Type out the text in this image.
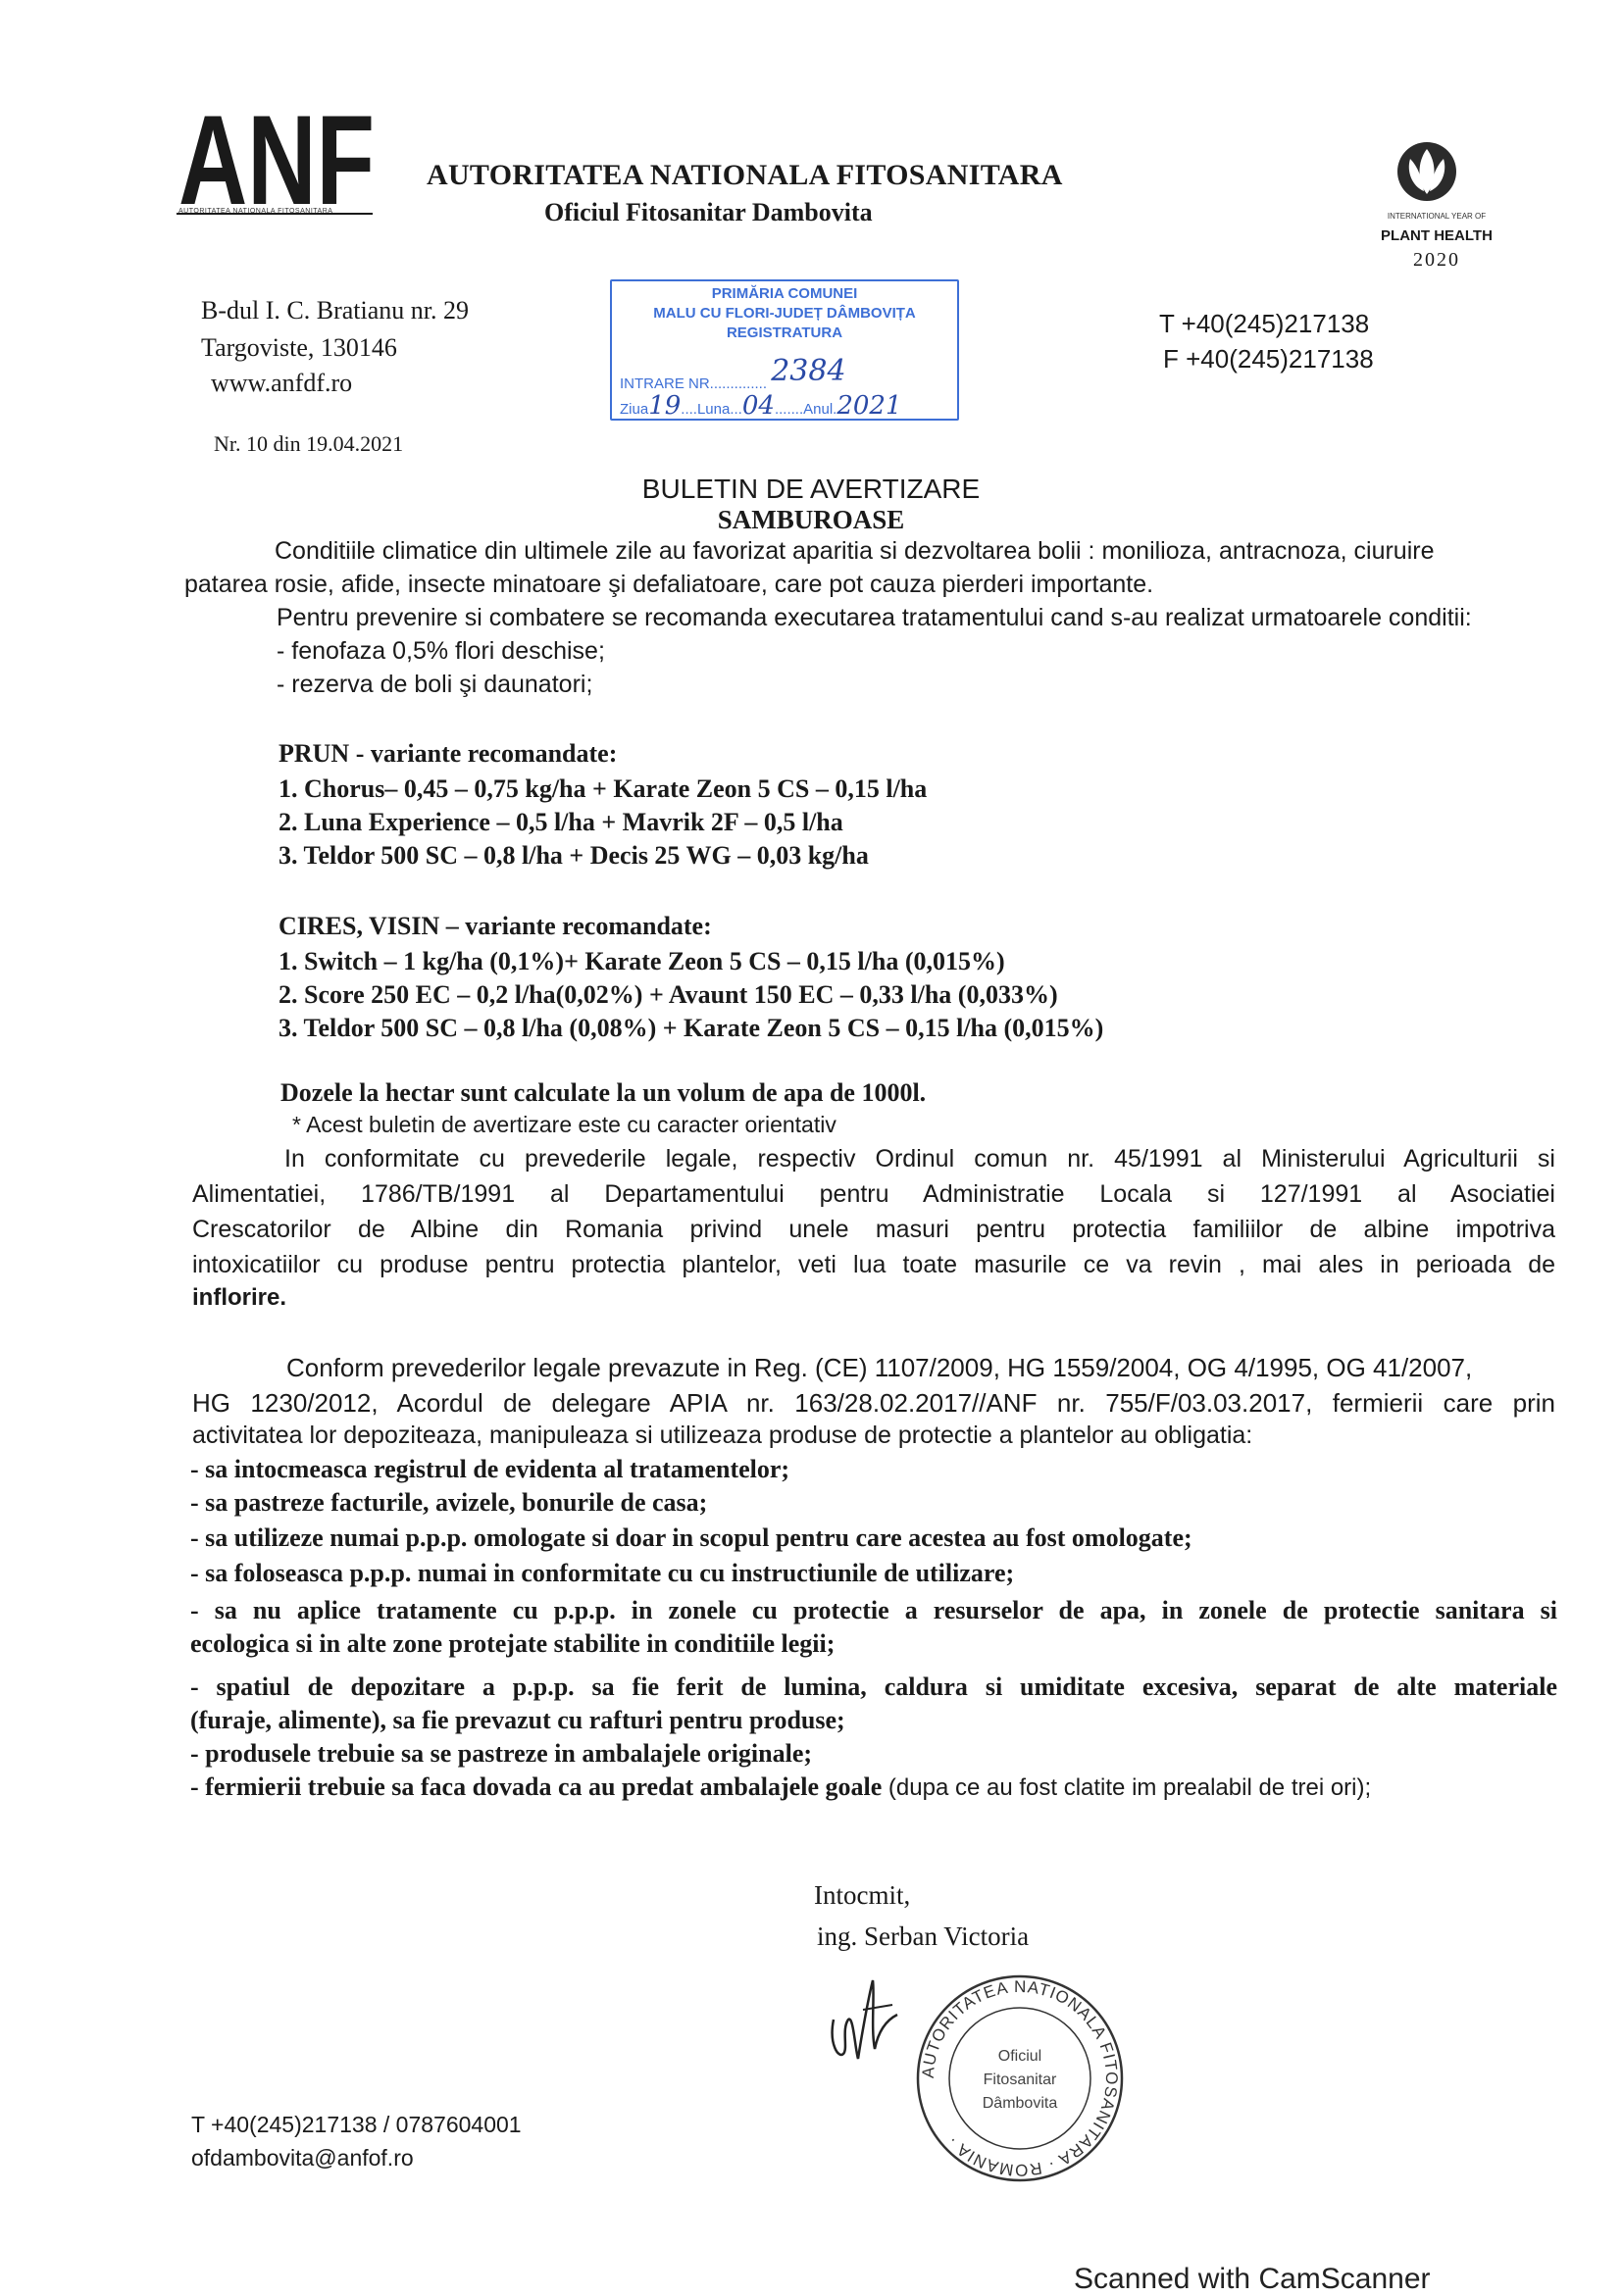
ANF
AUTORITATEA NATIONALA FITOSANITARA
AUTORITATEA NATIONALA FITOSANITARA
Oficiul Fitosanitar Dambovita	INTERNATIONAL YEAR OF
PLANT HEALTH
2020
B-dul I. C. Bratianu nr. 29
Targoviste, 130146
www.anfdf.ro
PRIMĂRIA COMUNEI
MALU CU FLORI-JUDEȚ DÂMBOVIȚA
REGISTRATURA
INTRARE NR.............. 2384
Ziua19....Luna...04.......Anul.2021
T +40(245)217138
F +40(245)217138
Nr. 10 din 19.04.2021
BULETIN DE AVERTIZARE
SAMBUROASE
Conditiile climatice din ultimele zile au favorizat aparitia si dezvoltarea bolii : monilioza, antracnoza, ciuruire
patarea rosie, afide, insecte minatoare şi defaliatoare, care pot cauza pierderi importante.
Pentru prevenire si combatere se recomanda executarea tratamentului cand s-au realizat urmatoarele conditii:
- fenofaza 0,5% flori deschise;
- rezerva de boli şi daunatori;
PRUN - variante recomandate:
1. Chorus– 0,45 – 0,75 kg/ha + Karate Zeon 5 CS – 0,15 l/ha
2. Luna Experience – 0,5 l/ha + Mavrik 2F – 0,5 l/ha
3. Teldor 500 SC – 0,8 l/ha + Decis 25 WG – 0,03 kg/ha
CIRES, VISIN – variante recomandate:
1. Switch – 1 kg/ha (0,1%)+ Karate Zeon 5 CS – 0,15 l/ha (0,015%)
2. Score 250 EC – 0,2 l/ha(0,02%) + Avaunt 150 EC – 0,33 l/ha (0,033%)
3. Teldor 500 SC – 0,8 l/ha (0,08%) + Karate Zeon 5 CS – 0,15 l/ha (0,015%)
Dozele la hectar sunt calculate la un volum de apa de 1000l.
* Acest buletin de avertizare este cu caracter orientativ
In conformitate cu prevederile legale, respectiv Ordinul comun nr. 45/1991 al Ministerului Agriculturii si
Alimentatiei, 1786/TB/1991 al Departamentului pentru Administratie Locala si 127/1991 al Asociatiei
Crescatorilor de Albine din Romania privind unele masuri pentru protectia familiilor de albine impotriva
intoxicatiilor cu produse pentru protectia plantelor, veti lua toate masurile ce va revin , mai ales in perioada de
inflorire.
Conform prevederilor legale prevazute in Reg. (CE) 1107/2009, HG 1559/2004, OG 4/1995, OG 41/2007,
HG 1230/2012, Acordul de delegare APIA nr. 163/28.02.2017//ANF nr. 755/F/03.03.2017, fermierii care prin
activitatea lor depoziteaza, manipuleaza si utilizeaza produse de protectie a plantelor au obligatia:
- sa intocmeasca registrul de evidenta al tratamentelor;
- sa pastreze facturile, avizele, bonurile de casa;
- sa utilizeze numai p.p.p. omologate si doar in scopul pentru care acestea au fost omologate;
- sa foloseasca p.p.p. numai in conformitate cu cu instructiunile de utilizare;
- sa nu aplice tratamente cu p.p.p. in zonele cu protectie a resurselor de apa, in zonele de protectie sanitara si
ecologica si in alte zone protejate stabilite in conditiile legii;
- spatiul de depozitare a p.p.p. sa fie ferit de lumina, caldura si umiditate excesiva, separat de alte materiale
(furaje, alimente), sa fie prevazut cu rafturi pentru produse;
- produsele trebuie sa se pastreze in ambalajele originale;
- fermierii trebuie sa faca dovada ca au predat ambalajele goale (dupa ce au fost clatite im prealabil de trei ori);
Intocmit,
ing. Serban Victoria
AUTORITATEA NATIONALA FITOSANITARA · ROMANIA ·
Oficiul
Fitosanitar
Dâmbovita
T +40(245)217138 / 0787604001
ofdambovita@anfof.ro
Scanned with CamScanner
